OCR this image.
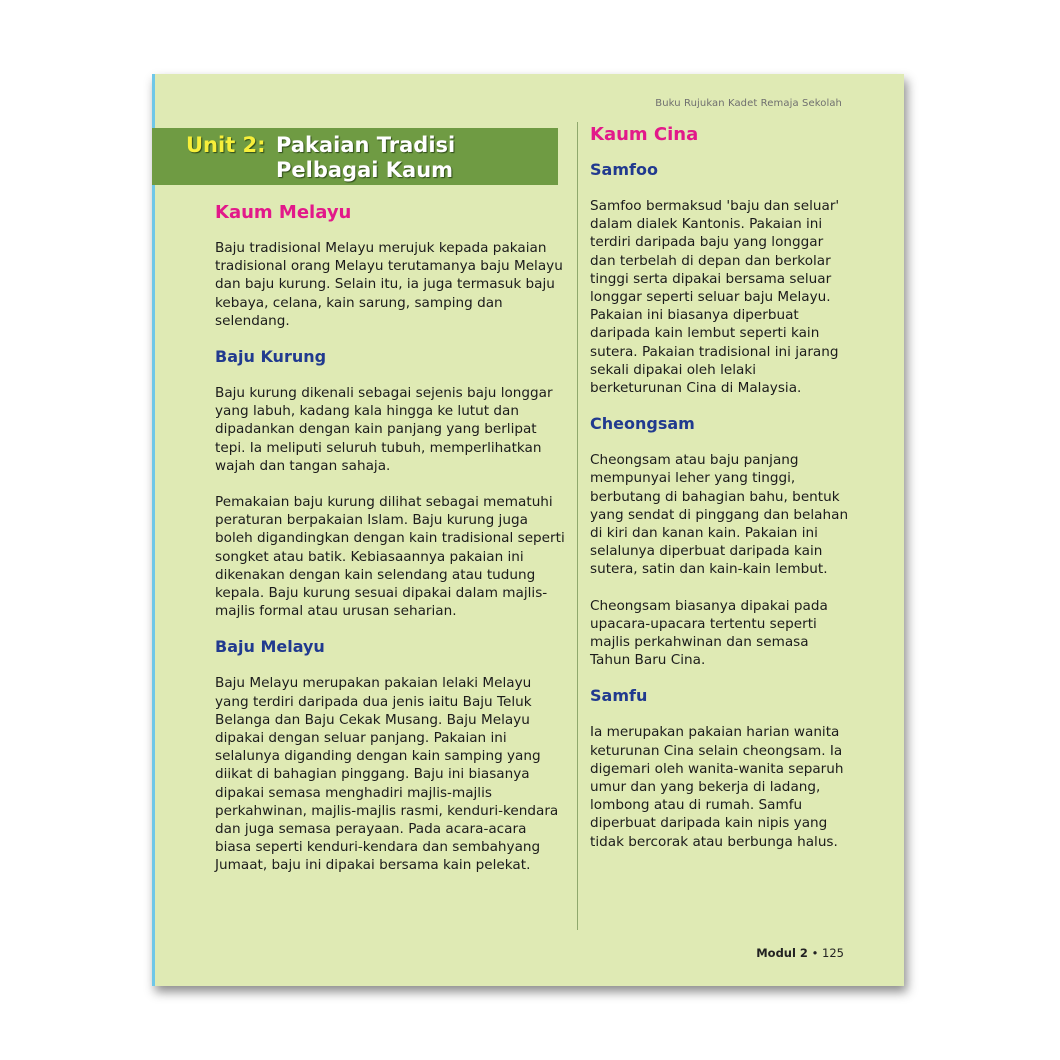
Buku Rujukan Kadet Remaja Sekolah
Unit 2: Pakaian Tradisi
Pelbagai Kaum
Kaum Melayu

Baju tradisional Melayu merujuk kepada pakaian tradisional orang Melayu terutamanya baju Melayu dan baju kurung. Selain itu, ia juga termasuk baju kebaya, celana, kain sarung, samping dan selendang.

Baju Kurung

Baju kurung dikenali sebagai sejenis baju longgar yang labuh, kadang kala hingga ke lutut dan dipadankan dengan kain panjang yang berlipat tepi. Ia meliputi seluruh tubuh, memperlihatkan wajah dan tangan sahaja.

Pemakaian baju kurung dilihat sebagai mematuhi peraturan berpakaian Islam. Baju kurung juga boleh digandingkan dengan kain tradisional seperti songket atau batik. Kebiasaannya pakaian ini dikenakan dengan kain selendang atau tudung kepala. Baju kurung sesuai dipakai dalam majlis-majlis formal atau urusan seharian.

Baju Melayu

Baju Melayu merupakan pakaian lelaki Melayu yang terdiri daripada dua jenis iaitu Baju Teluk Belanga dan Baju Cekak Musang. Baju Melayu dipakai dengan seluar panjang. Pakaian ini selalunya diganding dengan kain samping yang diikat di bahagian pinggang. Baju ini biasanya dipakai semasa menghadiri majlis-majlis perkahwinan, majlis-majlis rasmi, kenduri-kendara dan juga semasa perayaan. Pada acara-acara biasa seperti kenduri-kendara dan sembahyang Jumaat, baju ini dipakai bersama kain pelekat.

Kaum Cina
Samfoo

Samfoo bermaksud 'baju dan seluar' dalam dialek Kantonis. Pakaian ini terdiri daripada baju yang longgar dan terbelah di depan dan berkolar tinggi serta dipakai bersama seluar longgar seperti seluar baju Melayu. Pakaian ini biasanya diperbuat daripada kain lembut seperti kain sutera. Pakaian tradisional ini jarang sekali dipakai oleh lelaki berketurunan Cina di Malaysia.

Cheongsam

Cheongsam atau baju panjang mempunyai leher yang tinggi, berbutang di bahagian bahu, bentuk yang sendat di pinggang dan belahan di kiri dan kanan kain. Pakaian ini selalunya diperbuat daripada kain sutera, satin dan kain-kain lembut.

Cheongsam biasanya dipakai pada upacara-upacara tertentu seperti majlis perkahwinan dan semasa Tahun Baru Cina.

Samfu

Ia merupakan pakaian harian wanita keturunan Cina selain cheongsam. Ia digemari oleh wanita-wanita separuh umur dan yang bekerja di ladang, lombong atau di rumah. Samfu diperbuat daripada kain nipis yang tidak bercorak atau berbunga halus.

Modul 2 • 125
